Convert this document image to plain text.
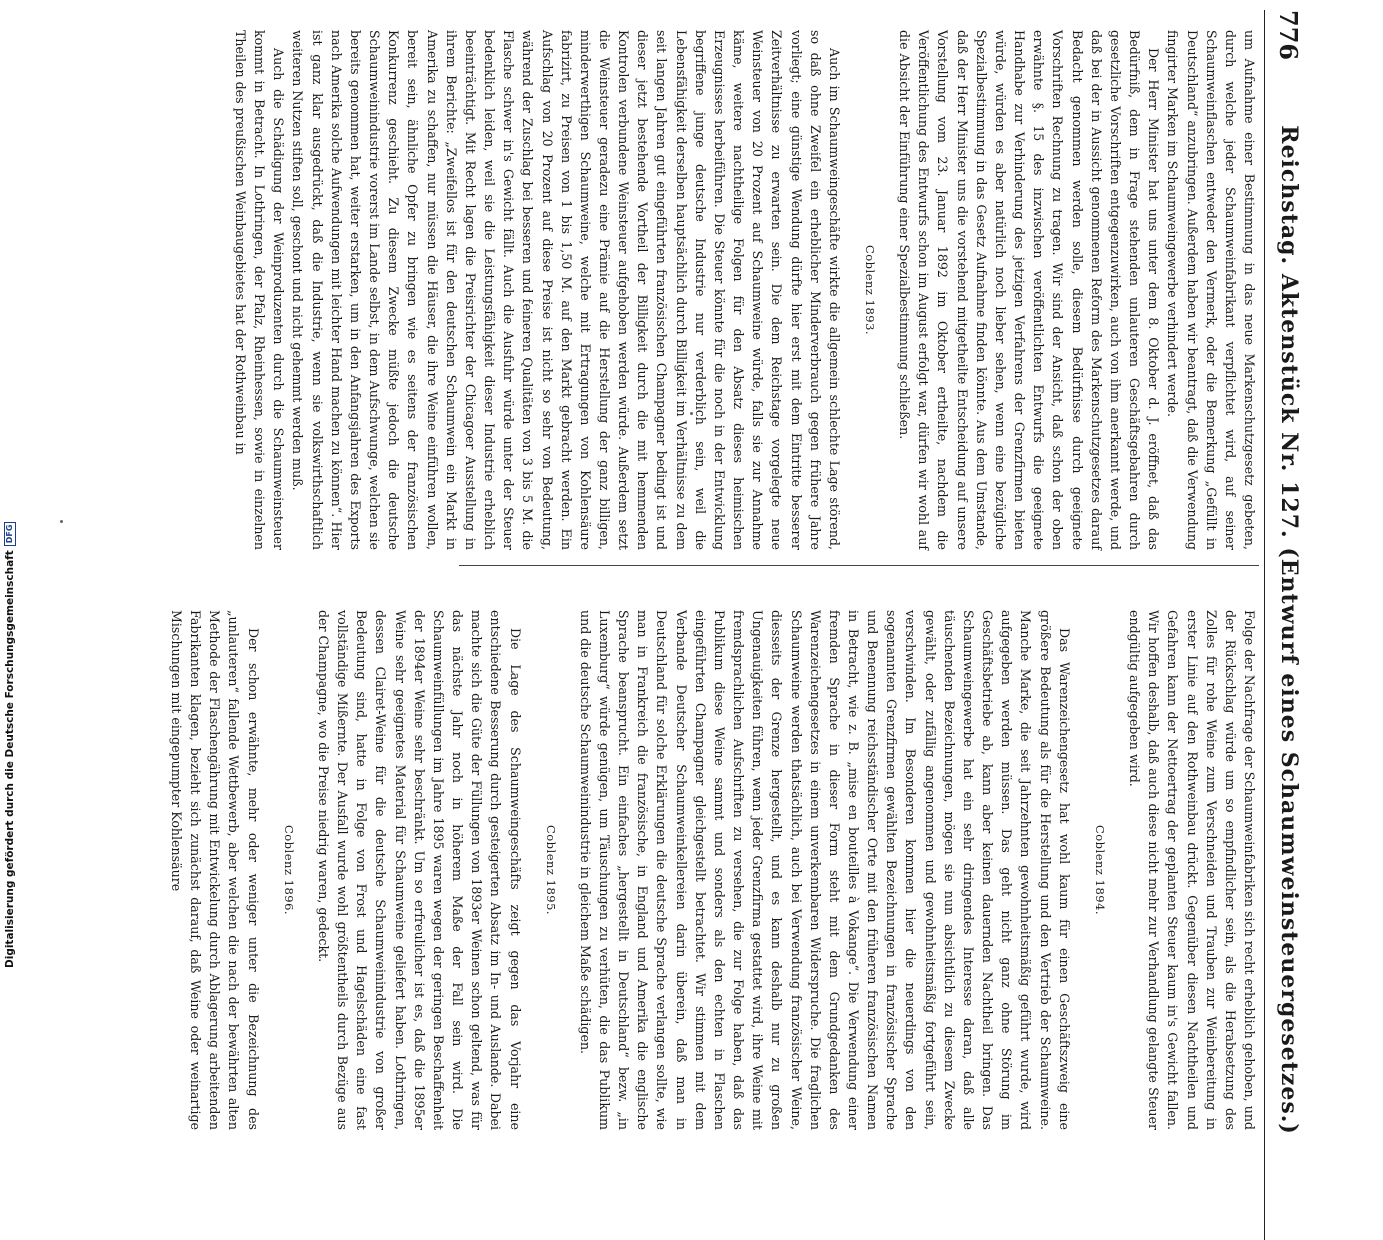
776
Reichstag. Aktenstück Nr. 127. (Entwurf eines Schaumweinsteuergesetzes.)

um Aufnahme einer Bestimmung in das neue Markenschutzgesetz gebeten, durch welche jeder Schaumweinfabrikant verpflichtet wird, auf seiner Schaumweinflaschen entweder den Vermerk, oder die Bemerkung „Gefüllt in Deutschland“ anzubringen. Außerdem haben wir beantragt, daß die Verwendung fingirter Marken im Schaumweingewerbe verhindert werde.

Der Herr Minister hat uns unter dem 8. Oktober d. J. eröffnet, daß das Bedürfniß, dem in Frage stehenden unlauteren Geschäftsgebahren durch gesetzliche Vorschriften entgegenzuwirken, auch von ihm anerkannt werde, und daß bei der in Aussicht genommenen Reform des Markenschutzgesetzes darauf Bedacht genommen werden solle, diesem Bedürfnisse durch geeignete Vorschriften Rechnung zu tragen. Wir sind der Ansicht, daß schon der oben erwähnte §. 15 des inzwischen veröffentlichten Entwurfs die geeignete Handhabe zur Verhinderung des jetzigen Verfahrens der Grenzfirmen bieten würde, würden es aber natürlich noch lieber sehen, wenn eine bezügliche Spezialbestimmung in das Gesetz Aufnahme finden könnte. Aus dem Umstande, daß der Herr Minister uns die vorstehend mitgetheilte Entscheidung auf unsere Vorstellung vom 23. Januar 1892 im Oktober ertheilte, nachdem die Veröffentlichung des Entwurfs schon im August erfolgt war, dürfen wir wohl auf die Absicht der Einführung einer Spezialbestimmung schließen.

Coblenz 1893.

Auch im Schaumweingeschäfte wirkte die allgemein schlechte Lage störend, so daß ohne Zweifel ein erheblicher Minderverbrauch gegen frühere Jahre vorliegt; eine günstige Wendung dürfte hier erst mit dem Eintritte besserer Zeitverhältnisse zu erwarten sein. Die dem Reichstage vorgelegte neue Weinsteuer von 20 Prozent auf Schaumweine würde, falls sie zur Annahme käme, weitere nachtheilige Folgen für den Absatz dieses heimischen Erzeugnisses herbeiführen. Die Steuer könnte für die noch in der Entwicklung begriffene junge deutsche Industrie nur verderblich sein, weil die Lebensfähigkeit derselben hauptsächlich durch Billigkeit im Verhältnisse zu dem seit langen Jahren gut eingeführten französischen Champagner bedingt ist und dieser jetzt bestehende Vortheil der Billigkeit durch die mit hemmenden Kontrolen verbundene Weinsteuer aufgehoben werden würde. Außerdem setzt die Weinsteuer geradezu eine Prämie auf die Herstellung der ganz billigen, minderwerthigen Schaumweine, welche mit Ertragungen von Kohlensäure fabrizirt, zu Preisen von 1 bis 1,50 M. auf den Markt gebracht werden. Ein Aufschlag von 20 Prozent auf diese Preise ist nicht so sehr von Bedeutung, während der Zuschlag bei besseren und feineren Qualitäten von 3 bis 5 M. die Flasche schwer in's Gewicht fällt. Auch die Ausfuhr würde unter der Steuer bedenklich leiden, weil sie die Leistungsfähigkeit dieser Industrie erheblich beeinträchtigt. Mit Recht lagen die Preisrichter der Chicagoer Ausstellung in ihrem Berichte: „Zweifellos ist für den deutschen Schaumwein ein Markt in Amerika zu schaffen, nur müssen die Häuser, die ihre Weine einführen wollen, bereit sein, ähnliche Opfer zu bringen wie es seitens der französischen Konkurrenz geschieht. Zu diesem Zwecke müßte jedoch die deutsche Schaumweinindustrie vorerst im Lande selbst, in dem Aufschwunge, welchen sie bereits genommen hat, weiter erstarken, um in den Anfangsjahren des Exports nach Amerika solche Aufwendungen mit leichter Hand machen zu können“. Hier ist ganz klar ausgedrückt, daß die Industrie, wenn sie volkswirthschaftlich weiteren Nutzen stiften soll, geschont und nicht gehemmt werden muß.

Auch die Schädigung der Weinproduzenten durch die Schaumweinsteuer kommt in Betracht. In Lothringen, der Pfalz, Rheinhessen, sowie in einzelnen Theilen des preußischen Weinbaugebietes hat der Rothweinbau in

Folge der Nachfrage der Schaumweinfabriken sich recht erheblich gehoben, und der Rückschlag würde um so empfindlicher sein, als die Herabsetzung des Zolles für rohe Weine zum Verschneiden und Trauben zur Weinbereitung in erster Linie auf den Rothweinbau drückt. Gegenüber diesen Nachtheilen und Gefahren kann der Nettoertrag der geplanten Steuer kaum in's Gewicht fallen. Wir hoffen deshalb, daß auch diese nicht mehr zur Verhandlung gelangte Steuer endgültig aufgegeben wird.

Coblenz 1894.

Das Warenzeichengesetz hat wohl kaum für einen Geschäftszweig eine größere Bedeutung als für die Herstellung und den Vertrieb der Schaumweine. Manche Marke, die seit Jahrzehnten gewohnheitsmäßig geführt wurde, wird aufgegeben werden müssen. Das geht nicht ganz ohne Störung im Geschäftsbetriebe ab, kann aber keinen dauernden Nachtheil bringen. Das Schaumweingewerbe hat ein sehr dringendes Interesse daran, daß alle täuschenden Bezeichnungen, mögen sie nun absichtlich zu diesem Zwecke gewählt, oder zufällig angenommen und gewohnheitsmäßig fortgeführt sein, verschwinden. Im Besonderen kommen hier die neuerdings von den sogenannten Grenzfirmen gewählten Bezeichnungen in französischer Sprache und Benennung reichsständischer Orte mit den früheren französischen Namen in Betracht, wie z. B. „mise en bouteilles à Vokange“. Die Verwendung einer fremden Sprache in dieser Form steht mit dem Grundgedanken des Warenzeichengesetzes in einem unverkennbaren Widerspruche. Die fraglichen Schaumweine werden thatsächlich, auch bei Verwendung französischer Weine, diesseits der Grenze hergestellt, und es kann deshalb nur zu großen Ungenauigkeiten führen, wenn jeder Grenzfirma gestattet wird, ihre Weine mit fremdsprachlichen Aufschriften zu versehen, die zur Folge haben, daß das Publikum diese Weine sammt und sonders als den echten in Flaschen eingeführten Champagner gleichgestellt betrachtet. Wir stimmen mit dem Verbande Deutscher Schaumweinkellereien darin überein, daß man in Deutschland für solche Erklärungen die deutsche Sprache verlangen sollte, wie man in Frankreich die französische, in England und Amerika die englische Sprache beansprucht. Ein einfaches „hergestellt in Deutschland“ bezw. „in Luxemburg“ würde genügen, um Täuschungen zu verhüten, die das Publikum und die deutsche Schaumweinindustrie in gleichem Maße schädigen.

Coblenz 1895.

Die Lage des Schaumweingeschäfts zeigt gegen das Vorjahr eine entschiedene Besserung durch gesteigerten Absatz im In- und Auslande. Dabei machte sich die Güte der Füllungen von 1893er Weinen schon geltend, was für das nächste Jahr noch in höherem Maße der Fall sein wird. Die Schaumweinfüllungen im Jahre 1895 waren wegen der geringen Beschaffenheit der 1894er Weine sehr beschränkt. Um so erfreulicher ist es, daß die 1895er Weine sehr geeignetes Material für Schaumweine geliefert haben. Lothringen, dessen Clairet-Weine für die deutsche Schaumweinindustrie von großer Bedeutung sind, hatte in Folge von Frost und Hagelschäden eine fast vollständige Mißernte. Der Ausfall wurde wohl größtentheils durch Bezüge aus der Champagne, wo die Preise niedrig waren, gedeckt.

Coblenz 1896.

Der schon erwähnte, mehr oder weniger unter die Bezeichnung des „unlauteren“ fallende Wettbewerb, aber welchen die nach der bewährten alten Methode der Flaschengährung mit Entwickelung durch Ablagerung arbeitenden Fabrikanten klagen, bezieht sich zunächst darauf, daß Weine oder weinartige Mischungen mit eingepumpter Kohlensäure

Digitalisierung gefördert durch die Deutsche Forschungsgemeinschaft
DFG
